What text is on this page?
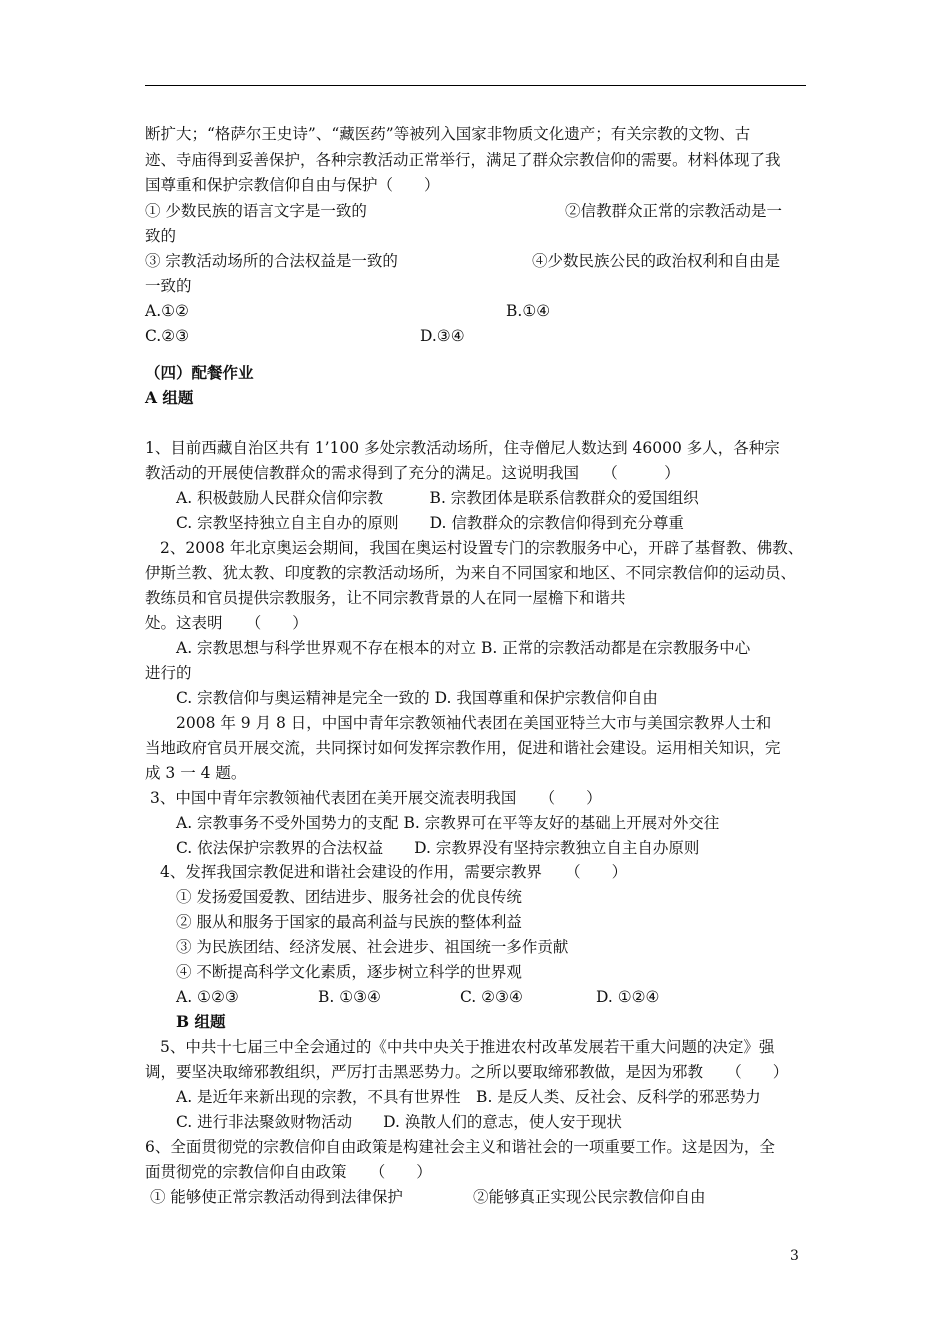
断扩大；“格萨尔王史诗”、“藏医药”等被列入国家非物质文化遗产；有关宗教的文物、古
迹、寺庙得到妥善保护，各种宗教活动正常举行，满足了群众宗教信仰的需要。材料体现了我
国尊重和保护宗教信仰自由与保护（　　）
① 少数民族的语言文字是一致的	②信教群众正常的宗教活动是一
致的
③ 宗教活动场所的合法权益是一致的	④少数民族公民的政治权利和自由是
一致的
A.①②	B.①④
C.②③	D.③④
（四）配餐作业
A 组题
1、目前西藏自治区共有 1’100 多处宗教活动场所，住寺僧尼人数达到 46000 多人，各种宗
教活动的开展使信教群众的需求得到了充分的满足。这说明我国　　（　　　）
A. 积极鼓励人民群众信仰宗教　　　B. 宗教团体是联系信教群众的爱国组织
C. 宗教坚持独立自主自办的原则　　D. 信教群众的宗教信仰得到充分尊重
2、2008 年北京奥运会期间，我国在奥运村设置专门的宗教服务中心，开辟了基督教、佛教、
伊斯兰教、犹太教、印度教的宗教活动场所，为来自不同国家和地区、不同宗教信仰的运动员、
教练员和官员提供宗教服务，让不同宗教背景的人在同一屋檐下和谐共
处。这表明　　（　　）
A. 宗教思想与科学世界观不存在根本的对立 B. 正常的宗教活动都是在宗教服务中心
进行的
C. 宗教信仰与奥运精神是完全一致的 D. 我国尊重和保护宗教信仰自由
2008 年 9 月 8 日，中国中青年宗教领袖代表团在美国亚特兰大市与美国宗教界人士和
当地政府官员开展交流，共同探讨如何发挥宗教作用，促进和谐社会建设。运用相关知识，完
成 3 一 4 题。
3、中国中青年宗教领袖代表团在美开展交流表明我国　　（　　）
A. 宗教事务不受外国势力的支配 B. 宗教界可在平等友好的基础上开展对外交往
C. 依法保护宗教界的合法权益　　D. 宗教界没有坚持宗教独立自主自办原则
4、发挥我国宗教促进和谐社会建设的作用，需要宗教界　　（　　）
① 发扬爱国爱教、团结进步、服务社会的优良传统
② 服从和服务于国家的最高利益与民族的整体利益
③ 为民族团结、经济发展、社会进步、祖国统一多作贡献
④ 不断提高科学文化素质，逐步树立科学的世界观
A. ①②③	B. ①③④	C. ②③④	D. ①②④
B 组题
5、中共十七届三中全会通过的《中共中央关于推进农村改革发展若干重大问题的决定》强
调，要坚决取缔邪教组织，严厉打击黑恶势力。之所以要取缔邪教做，是因为邪教　　（　　）
A. 是近年来新出现的宗教，不具有世界性　B. 是反人类、反社会、反科学的邪恶势力
C. 进行非法聚敛财物活动　　D. 涣散人们的意志，使人安于现状
6、全面贯彻党的宗教信仰自由政策是构建社会主义和谐社会的一项重要工作。这是因为，全
面贯彻党的宗教信仰自由政策　　（　　）
① 能够使正常宗教活动得到法律保护	②能够真正实现公民宗教信仰自由
3
